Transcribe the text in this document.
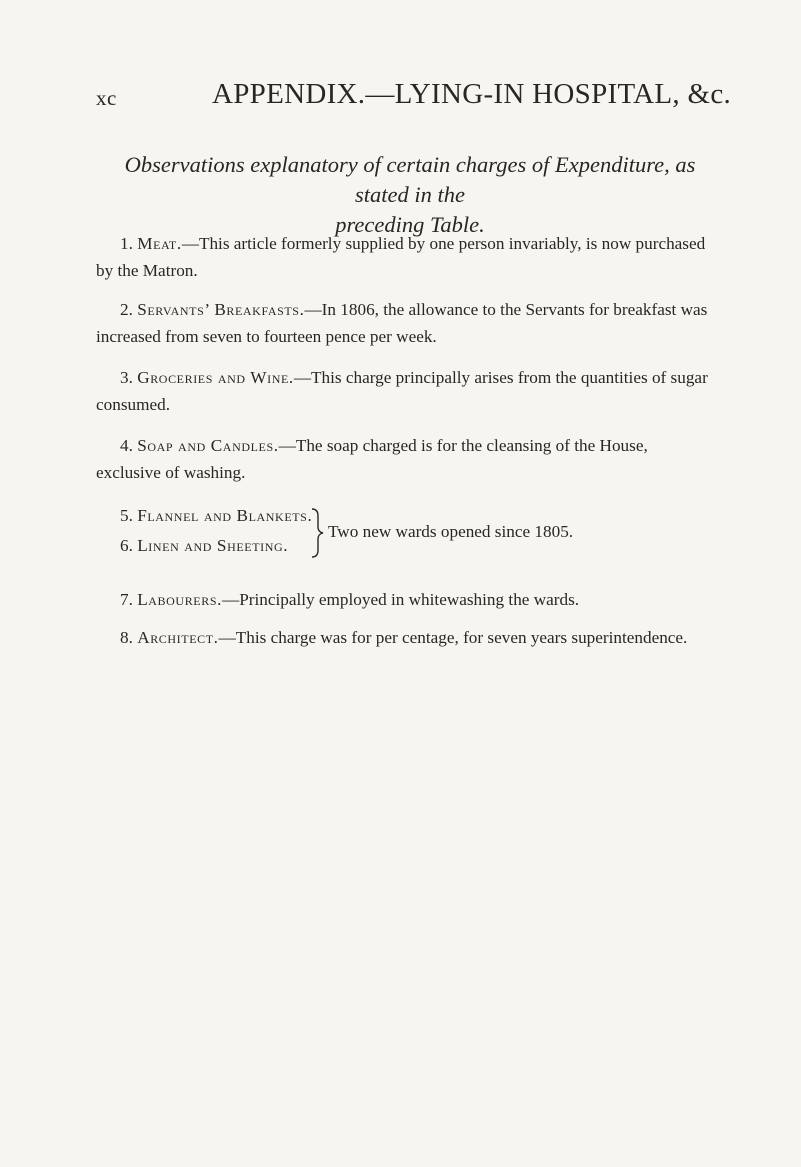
xc	APPENDIX.—LYING-IN HOSPITAL, &c.
Observations explanatory of certain charges of Expenditure, as stated in the
preceding Table.
1. Meat.—This article formerly supplied by one person invariably, is now purchased by the Matron.
2. Servants’ Breakfasts.—In 1806, the allowance to the Servants for breakfast was increased from seven to fourteen pence per week.
3. Groceries and Wine.—This charge principally arises from the quantities of sugar consumed.
4. Soap and Candles.—The soap charged is for the cleansing of the House, exclusive of washing.
5. Flannel and Blankets.
6. Linen and Sheeting.
Two new wards opened since 1805.
7. Labourers.—Principally employed in whitewashing the wards.
8. Architect.—This charge was for per centage, for seven years superintendence.
